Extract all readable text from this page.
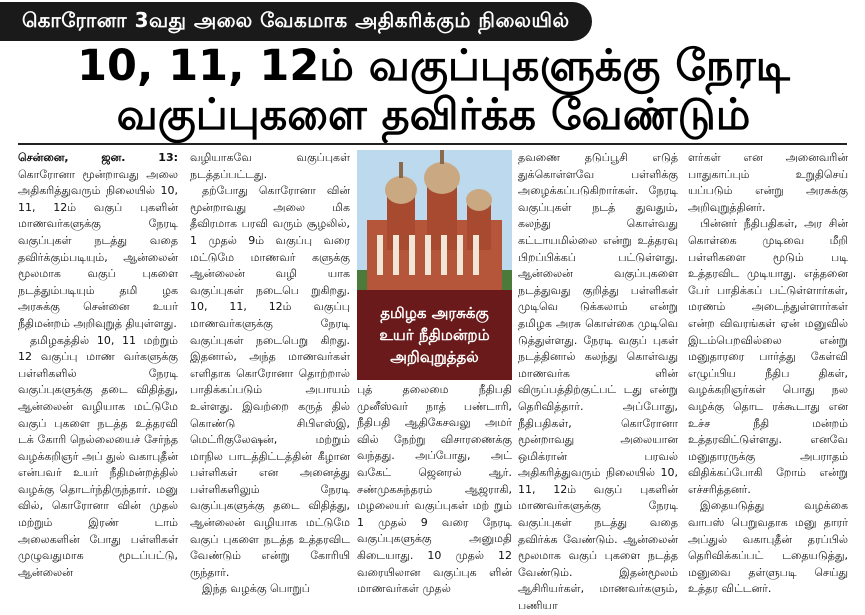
கொரோனா 3வது அலை வேகமாக அதிகரிக்கும் நிலையில்
10, 11, 12ம் வகுப்புகளுக்கு நேரடி
வகுப்புகளை தவிர்க்க வேண்டும்

சென்னை, ஜன. 13: கொரோனா மூன்றாவது அலை அதிகரித்துவரும் நிலையில் 10, 11, 12ம் வகுப் புகளின் மாணவர்களுக்கு நேரடி வகுப்புகள் நடத்து வதை தவிர்க்கும்படியும், ஆன்லைன் மூலமாக வகுப் புகளை நடத்தும்படியும் தமி ழக அரசுக்கு சென்னை உயர் நீதிமன்றம் அறிவுறுத் தியுள்ளது.

தமிழகத்தில் 10, 11 மற்றும் 12 வகுப்பு மாண வர்களுக்கு பள்ளிகளில் நேரடி வகுப்புகளுக்கு தடை விதித்து, ஆன்லைன் வழியாக மட்டுமே வகுப் புகளை நடத்த உத்தரவி டக் கோரி நெல்லையைச் சேர்ந்த வழக்கறிஞர் அப் துல் வகாபுதீன் என்பவர் உயர் நீதிமன்றத்தில் வழக்கு தொடர்ந்திருந்தார். மனு வில், கொரோனா வின் முதல் மற்றும் இரண் டாம் அலைகளின் போது பள்ளிகள் முழுவதுமாக மூடப்பட்டு, ஆன்லைன்

வழியாகவே வகுப்புகள் நடத்தப்பட்டது.

தற்போது கொரோனா வின் மூன்றாவது அலை மிக தீவிரமாக பரவி வரும் சூழலில், 1 முதல் 9ம் வகுப்பு வரை மட்டுமே மாணவர் களுக்கு ஆன்லைன் வழி யாக வகுப்புகள் நடைபெ றுகிறது. 10, 11, 12ம் வகுப்பு மாணவர்களுக்கு நேரடி வகுப்புகள் நடைபெறு கிறது. இதனால், அந்த மாணவர்கள் எளிதாக கொரோனா தொற்றால் பாதிக்கப்படும் அபாயம் உள்ளது. இவற்றை கருத் தில் கொண்டு சிபிஎஸ்இ, மெட்ரிகுலேஷன், மற்றும் மாநில பாடத்திட்டத்தின் கீழான பள்ளிகள் என அனைத்து பள்ளிகளிலும் நேரடி வகுப்புகளுக்கு தடை விதித்து, ஆன்லைன் வழியாக மட்டுமே வகுப் புகளை நடத்த உத்தரவிட வேண்டும் என்று கோரியி ருந்தார்.

இந்த வழக்கு பொறுப்

தமிழக அரசுக்கு
உயர் நீதிமன்றம்
அறிவுறுத்தல்

புத் தலைமை நீதிபதி முனீஸ்வர் நாத் பண்டாரி, நீதிபதி ஆதிகேசவலு அமர் வில் நேற்று விசாரணைக்கு வந்தது. அப்போது, அட் வகேட் ஜெனரல் ஆர். சண்முகசுந்தரம் ஆஜராகி, மழலையர் வகுப்புகள் மற் றும் 1 முதல் 9 வரை நேரடி வகுப்புகளுக்கு அனுமதி கிடையாது. 10 முதல் 12 வரையிலான வகுப்புக ளின் மாணவர்கள் முதல்

தவணை தடுப்பூசி எடுத் துக்கொள்ளவே பள்ளிக்கு அழைக்கப்படுகிறார்கள். நேரடி வகுப்புகள் நடத் துவதும், கலந்து கொள்வது கட்டாயமில்லை என்று உத்தரவு பிறப்பிக்கப் பட்டுள்ளது. ஆன்லைன் வகுப்புகளை நடத்துவது குறித்து பள்ளிகள் முடிவெ டுக்கலாம் என்று தமிழக அரசு கொள்கை முடிவெ டுத்துள்ளது. நேரடி வகுப் புகள் நடத்தினால் கலந்து கொள்வது மாணவர்க ளின் விருப்பத்திற்குட்பட் டது என்று தெரிவித்தார். அப்போது, நீதிபதிகள், கொரோனா மூன்றாவது அலையான ஒமிக்ரான் பரவல் அதிகரித்துவரும் நிலையில் 10, 11, 12ம் வகுப் புகளின் மாணவர்களுக்கு நேரடி வகுப்புகள் நடத்து வதை தவிர்க்க வேண்டும். ஆன்லைன் மூலமாக வகுப் புகளை நடத்த வேண்டும். இதன்மூலம் ஆசிரியர்கள், மாணவர்களும், பணியா

ளர்கள் என அனைவரின் பாதுகாப்பும் உறுதிசெய் யப்படும் என்று அரசுக்கு அறிவுறுத்தினர்.

பின்னர் நீதிபதிகள், அர சின் கொள்கை முடிவை மீறி பள்ளிகளை மூடும் படி உத்தரவிட முடியாது. எத்தனை பேர் பாதிக்கப் பட்டுள்ளார்கள், மரணம் அடைந்துள்ளார்கள் என்ற விவரங்கள் ஏன் மனுவில் இடம்பெறவில்லை என்று மனுதாரரை பார்த்து கேள்வி எழுப்பிய நீதிப திகள், வழக்கறிஞர்கள் பொது நல வழக்கு தொட ரக்கூடாது என உச்ச நீதி மன்றம் உத்தரவிட்டுள்ளது. எனவே மனுதாரருக்கு அபராதம் விதிக்கப்போகி றோம் என்று எச்சரித்தனர்.

இதையடுத்து வழக்கை வாபஸ் பெறுவதாக மனு தாரர் அப்துல் வகாபுதீன் தரப்பில் தெரிவிக்கப்பட் டதையடுத்து, மனுவை தள்ளுபடி செய்து உத்தர விட்டனர்.
